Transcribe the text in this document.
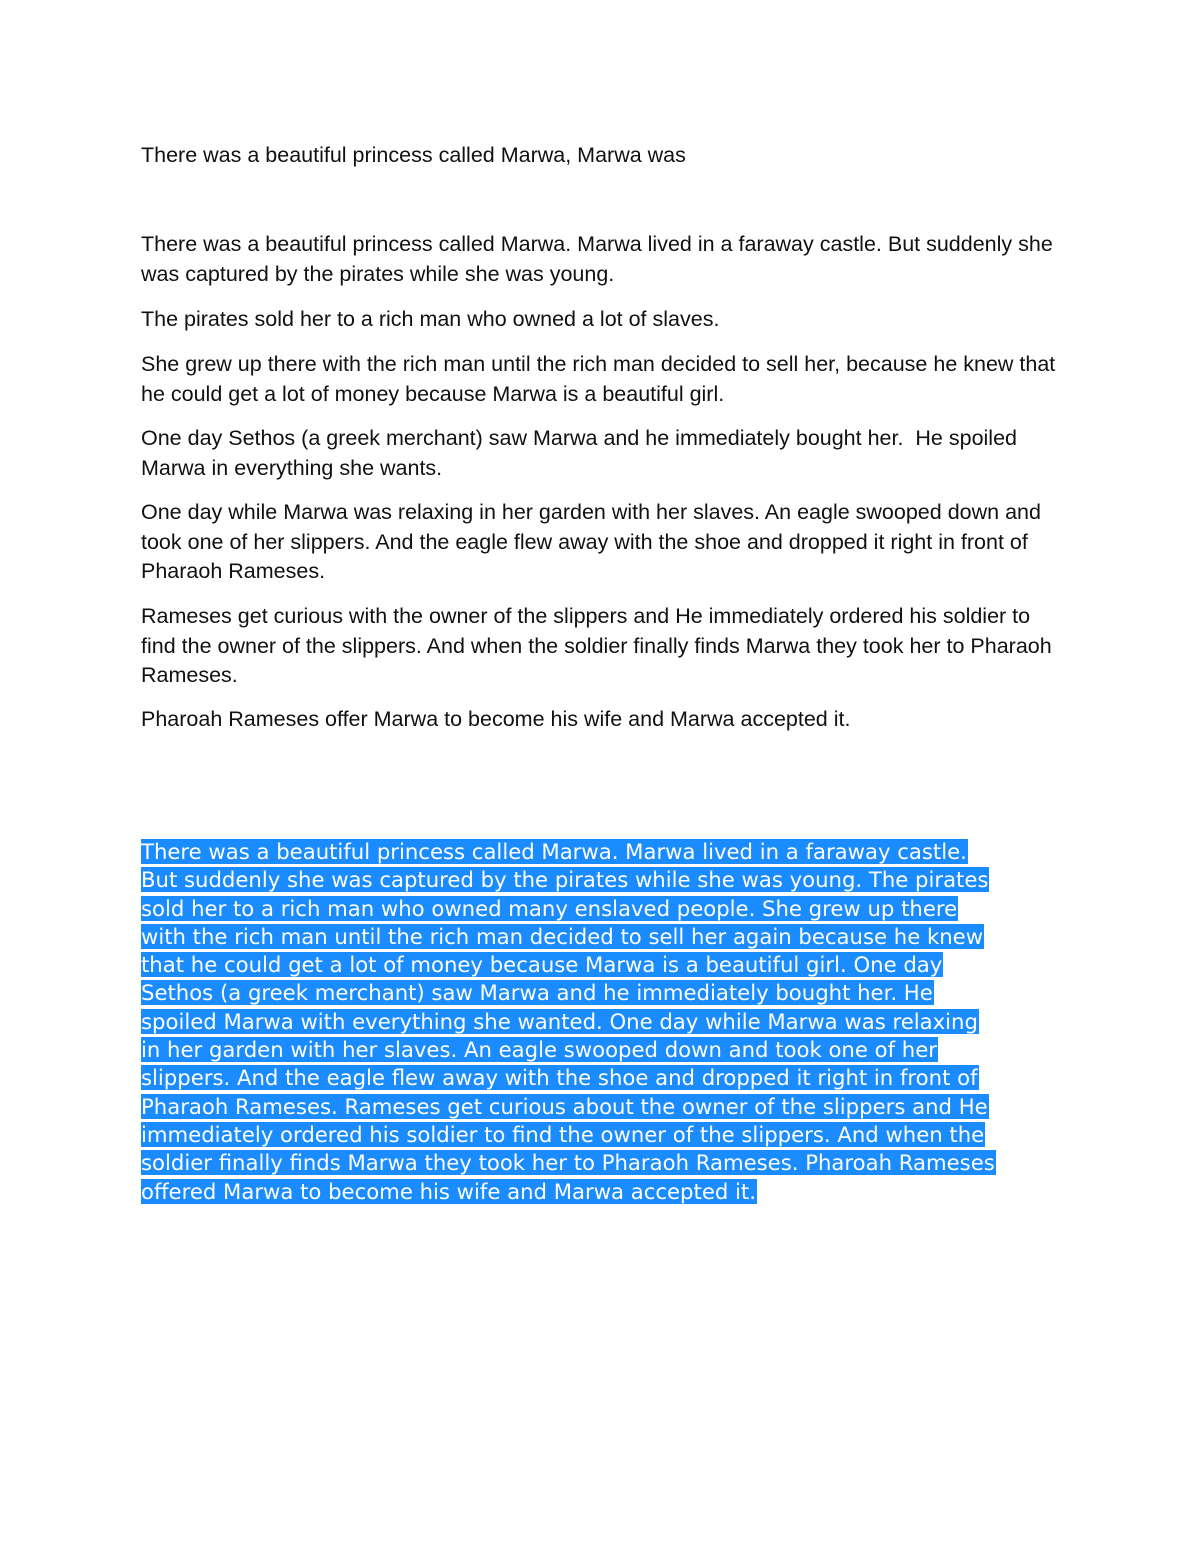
There was a beautiful princess called Marwa, Marwa was

There was a beautiful princess called Marwa. Marwa lived in a faraway castle. But suddenly she was captured by the pirates while she was young.

The pirates sold her to a rich man who owned a lot of slaves.

She grew up there with the rich man until the rich man decided to sell her, because he knew that he could get a lot of money because Marwa is a beautiful girl.

One day Sethos (a greek merchant) saw Marwa and he immediately bought her.  He spoiled Marwa in everything she wants.

One day while Marwa was relaxing in her garden with her slaves. An eagle swooped down and took one of her slippers. And the eagle flew away with the shoe and dropped it right in front of Pharaoh Rameses.

Rameses get curious with the owner of the slippers and He immediately ordered his soldier to find the owner of the slippers. And when the soldier finally finds Marwa they took her to Pharaoh Rameses.

Pharoah Rameses offer Marwa to become his wife and Marwa accepted it.

There was a beautiful princess called Marwa. Marwa lived in a faraway castle.
But suddenly she was captured by the pirates while she was young. The pirates
sold her to a rich man who owned many enslaved people. She grew up there
with the rich man until the rich man decided to sell her again because he knew
that he could get a lot of money because Marwa is a beautiful girl. One day
Sethos (a greek merchant) saw Marwa and he immediately bought her. He
spoiled Marwa with everything she wanted. One day while Marwa was relaxing
in her garden with her slaves. An eagle swooped down and took one of her
slippers. And the eagle flew away with the shoe and dropped it right in front of
Pharaoh Rameses. Rameses get curious about the owner of the slippers and He
immediately ordered his soldier to find the owner of the slippers. And when the
soldier finally finds Marwa they took her to Pharaoh Rameses. Pharoah Rameses
offered Marwa to become his wife and Marwa accepted it.
